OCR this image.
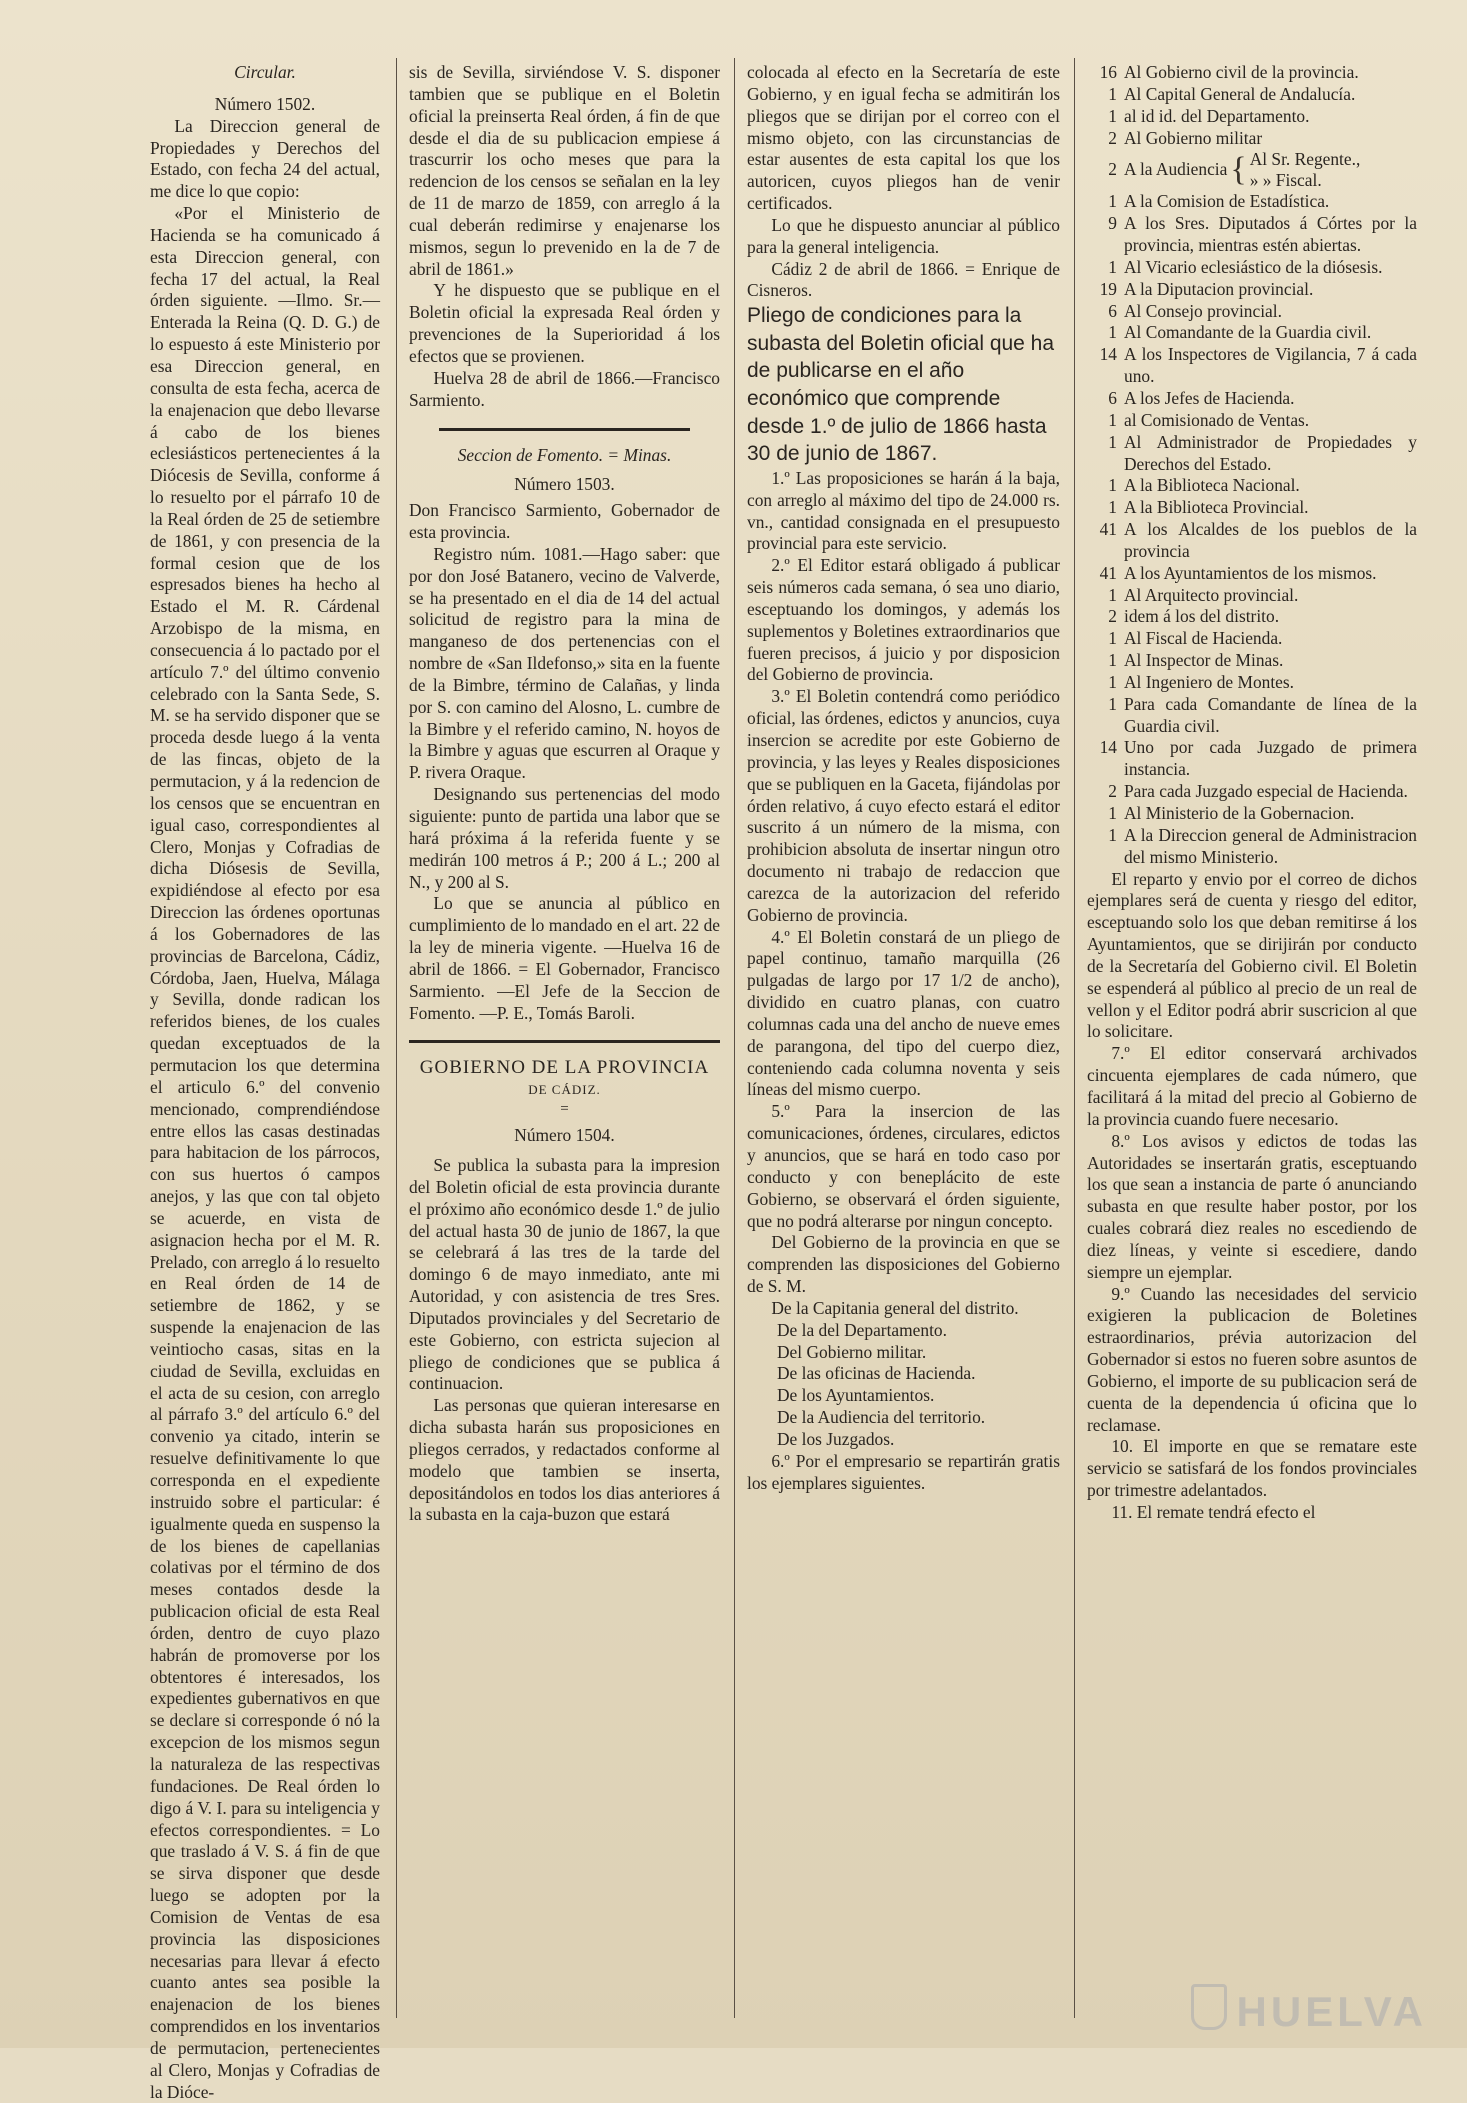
Circular.

Número 1502.

La Direccion general de Propiedades y Derechos del Estado, con fecha 24 del actual, me dice lo que copio:

«Por el Ministerio de Hacienda se ha comunicado á esta Direccion general, con fecha 17 del actual, la Real órden siguiente. —Ilmo. Sr.—Enterada la Reina (Q. D. G.) de lo espuesto á este Ministerio por esa Direccion general, en consulta de esta fecha, acerca de la enajenacion que debo llevarse á cabo de los bienes eclesiásticos pertenecientes á la Diócesis de Sevilla, conforme á lo resuelto por el párrafo 10 de la Real órden de 25 de setiembre de 1861, y con presencia de la formal cesion que de los espresados bienes ha hecho al Estado el M. R. Cárdenal Arzobispo de la misma, en consecuencia á lo pactado por el artículo 7.º del último convenio celebrado con la Santa Sede, S. M. se ha servido disponer que se proceda desde luego á la venta de las fincas, objeto de la permutacion, y á la redencion de los censos que se encuentran en igual caso, correspondientes al Clero, Monjas y Cofradias de dicha Diósesis de Sevilla, expidiéndose al efecto por esa Direccion las órdenes oportunas á los Gobernadores de las provincias de Barcelona, Cádiz, Córdoba, Jaen, Huelva, Málaga y Sevilla, donde radican los referidos bienes, de los cuales quedan exceptuados de la permutacion los que determina el articulo 6.º del convenio mencionado, comprendiéndose entre ellos las casas destinadas para habitacion de los párrocos, con sus huertos ó campos anejos, y las que con tal objeto se acuerde, en vista de asignacion hecha por el M. R. Prelado, con arreglo á lo resuelto en Real órden de 14 de setiembre de 1862, y se suspende la enajenacion de las veintiocho casas, sitas en la ciudad de Sevilla, excluidas en el acta de su cesion, con arreglo al párrafo 3.º del artículo 6.º del convenio ya citado, interin se resuelve definitivamente lo que corresponda en el expediente instruido sobre el particular: é igualmente queda en suspenso la de los bienes de capellanias colativas por el término de dos meses contados desde la publicacion oficial de esta Real órden, dentro de cuyo plazo habrán de promoverse por los obtentores é interesados, los expedientes gubernativos en que se declare si corresponde ó nó la excepcion de los mismos segun la naturaleza de las respectivas fundaciones. De Real órden lo digo á V. I. para su inteligencia y efectos correspondientes. = Lo que traslado á V. S. á fin de que se sirva disponer que desde luego se adopten por la Comision de Ventas de esa provincia las disposiciones necesarias para llevar á efecto cuanto antes sea posible la enajenacion de los bienes comprendidos en los inventarios de permutacion, pertenecientes al Clero, Monjas y Cofradias de la Dióce-

sis de Sevilla, sirviéndose V. S. disponer tambien que se publique en el Boletin oficial la preinserta Real órden, á fin de que desde el dia de su publicacion empiese á trascurrir los ocho meses que para la redencion de los censos se señalan en la ley de 11 de marzo de 1859, con arreglo á la cual deberán redimirse y enajenarse los mismos, segun lo prevenido en la de 7 de abril de 1861.»

Y he dispuesto que se publique en el Boletin oficial la expresada Real órden y prevenciones de la Superioridad á los efectos que se provienen.

Huelva 28 de abril de 1866.—Francisco Sarmiento.

Seccion de Fomento. = Minas.

Número 1503.

Don Francisco Sarmiento, Gobernador de esta provincia.

Registro núm. 1081.—Hago saber: que por don José Batanero, vecino de Valverde, se ha presentado en el dia de 14 del actual solicitud de registro para la mina de manganeso de dos pertenencias con el nombre de «San Ildefonso,» sita en la fuente de la Bimbre, término de Calañas, y linda por S. con camino del Alosno, L. cumbre de la Bimbre y el referido camino, N. hoyos de la Bimbre y aguas que escurren al Oraque y P. rivera Oraque.

Designando sus pertenencias del modo siguiente: punto de partida una labor que se hará próxima á la referida fuente y se medirán 100 metros á P.; 200 á L.; 200 al N., y 200 al S.

Lo que se anuncia al público en cumplimiento de lo mandado en el art. 22 de la ley de mineria vigente. —Huelva 16 de abril de 1866. = El Gobernador, Francisco Sarmiento. —El Jefe de la Seccion de Fomento. —P. E., Tomás Baroli.

GOBIERNO DE LA PROVINCIA

DE CÁDIZ.

=

Número 1504.

Se publica la subasta para la impresion del Boletin oficial de esta provincia durante el próximo año económico desde 1.º de julio del actual hasta 30 de junio de 1867, la que se celebrará á las tres de la tarde del domingo 6 de mayo inmediato, ante mi Autoridad, y con asistencia de tres Sres. Diputados provinciales y del Secretario de este Gobierno, con estricta sujecion al pliego de condiciones que se publica á continuacion.

Las personas que quieran interesarse en dicha subasta harán sus proposiciones en pliegos cerrados, y redactados conforme al modelo que tambien se inserta, depositándolos en todos los dias anteriores á la subasta en la caja-buzon que estará

colocada al efecto en la Secretaría de este Gobierno, y en igual fecha se admitirán los pliegos que se dirijan por el correo con el mismo objeto, con las circunstancias de estar ausentes de esta capital los que los autoricen, cuyos pliegos han de venir certificados.

Lo que he dispuesto anunciar al público para la general inteligencia.

Cádiz 2 de abril de 1866. = Enrique de Cisneros.

Pliego de condiciones para la subasta del Boletin oficial que ha de publicarse en el año económico que comprende desde 1.º de julio de 1866 hasta 30 de junio de 1867.

1.º Las proposiciones se harán á la baja, con arreglo al máximo del tipo de 24.000 rs. vn., cantidad consignada en el presupuesto provincial para este servicio.

2.º El Editor estará obligado á publicar seis números cada semana, ó sea uno diario, esceptuando los domingos, y además los suplementos y Boletines extraordinarios que fueren precisos, á juicio y por disposicion del Gobierno de provincia.

3.º El Boletin contendrá como periódico oficial, las órdenes, edictos y anuncios, cuya insercion se acredite por este Gobierno de provincia, y las leyes y Reales disposiciones que se publiquen en la Gaceta, fijándolas por órden relativo, á cuyo efecto estará el editor suscrito á un número de la misma, con prohibicion absoluta de insertar ningun otro documento ni trabajo de redaccion que carezca de la autorizacion del referido Gobierno de provincia.

4.º El Boletin constará de un pliego de papel continuo, tamaño marquilla (26 pulgadas de largo por 17 1/2 de ancho), dividido en cuatro planas, con cuatro columnas cada una del ancho de nueve emes de parangona, del tipo del cuerpo diez, conteniendo cada columna noventa y seis líneas del mismo cuerpo.

5.º Para la insercion de las comunicaciones, órdenes, circulares, edictos y anuncios, que se hará en todo caso por conducto y con beneplácito de este Gobierno, se observará el órden siguiente, que no podrá alterarse por ningun concepto.

Del Gobierno de la provincia en que se comprenden las disposiciones del Gobierno de S. M.

De la Capitania general del distrito.

De la del Departamento.
Del Gobierno militar.
De las oficinas de Hacienda.
De los Ayuntamientos.
De la Audiencia del territorio.
De los Juzgados.

6.º Por el empresario se repartirán gratis los ejemplares siguientes.

16 Al Gobierno civil de la provincia.
1 Al Capital General de Andalucía.
1 al id id. del Departamento.
2 Al Gobierno militar
2 A la Audiencia { Al Sr. Regente.,
» » Fiscal.
1 A la Comision de Estadística.
9 A los Sres. Diputados á Córtes por la provincia, mientras estén abiertas.
1 Al Vicario eclesiástico de la diósesis.
19 A la Diputacion provincial.
6 Al Consejo provincial.
1 Al Comandante de la Guardia civil.
14 A los Inspectores de Vigilancia, 7 á cada uno.
6 A los Jefes de Hacienda.
1 al Comisionado de Ventas.
1 Al Administrador de Propiedades y Derechos del Estado.
1 A la Biblioteca Nacional.
1 A la Biblioteca Provincial.
41 A los Alcaldes de los pueblos de la provincia
41 A los Ayuntamientos de los mismos.
1 Al Arquitecto provincial.
2 idem á los del distrito.
1 Al Fiscal de Hacienda.
1 Al Inspector de Minas.
1 Al Ingeniero de Montes.
1 Para cada Comandante de línea de la Guardia civil.
14 Uno por cada Juzgado de primera instancia.
2 Para cada Juzgado especial de Hacienda.
1 Al Ministerio de la Gobernacion.
1 A la Direccion general de Administracion del mismo Ministerio.

El reparto y envio por el correo de dichos ejemplares será de cuenta y riesgo del editor, esceptuando solo los que deban remitirse á los Ayuntamientos, que se dirijirán por conducto de la Secretaría del Gobierno civil. El Boletin se espenderá al público al precio de un real de vellon y el Editor podrá abrir suscricion al que lo solicitare.

7.º El editor conservará archivados cincuenta ejemplares de cada número, que facilitará á la mitad del precio al Gobierno de la provincia cuando fuere necesario.

8.º Los avisos y edictos de todas las Autoridades se insertarán gratis, esceptuando los que sean a instancia de parte ó anunciando subasta en que resulte haber postor, por los cuales cobrará diez reales no escediendo de diez líneas, y veinte si escediere, dando siempre un ejemplar.

9.º Cuando las necesidades del servicio exigieren la publicacion de Boletines estraordinarios, prévia autorizacion del Gobernador si estos no fueren sobre asuntos de Gobierno, el importe de su publicacion será de cuenta de la dependencia ú oficina que lo reclamase.

10. El importe en que se rematare este servicio se satisfará de los fondos provinciales por trimestre adelantados.

11. El remate tendrá efecto el

HUELVA
